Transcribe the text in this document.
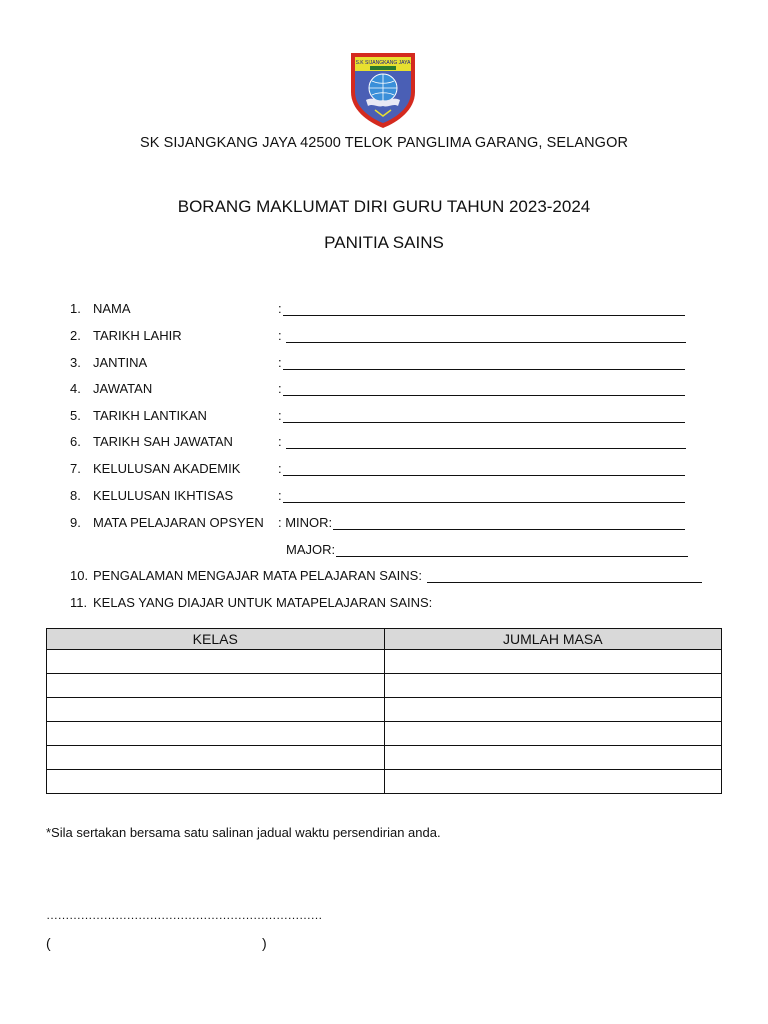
S.K SIJANGKANG JAYA
SK SIJANGKANG JAYA 42500 TELOK PANGLIMA GARANG, SELANGOR
BORANG MAKLUMAT DIRI GURU TAHUN 2023-2024
PANITIA SAINS
1. NAMA	:
2. TARIKH LAHIR	:
3. JANTINA	:
4. JAWATAN	:
5. TARIKH LANTIKAN	:
6. TARIKH SAH JAWATAN	:
7. KELULUSAN AKADEMIK	:
8. KELULUSAN IKHTISAS	:
9. MATA PELAJARAN OPSYEN	: MINOR:
MAJOR:
10. PENGALAMAN MENGAJAR MATA PELAJARAN SAINS:
11. KELAS YANG DIAJAR UNTUK MATAPELAJARAN SAINS:
KELAS	JUMLAH MASA

*Sila sertakan bersama satu salinan jadual waktu persendirian anda.
………………………………………………………………
(	)
